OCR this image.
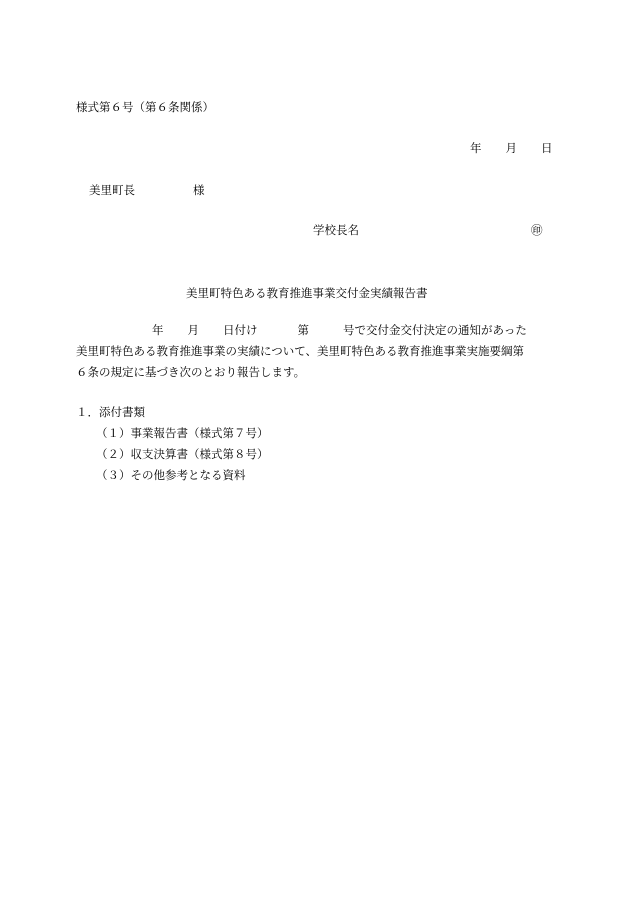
様式第６号（第６条関係）
年 月 日
美里町長	様
学校長名	㊞
美里町特色ある教育推進事業交付金実績報告書
年 月 日付け	第	号で交付金交付決定の通知があった
美里町特色ある教育推進事業の実績について、美里町特色ある教育推進事業実施要綱第
６条の規定に基づき次のとおり報告します。
１．添付書類
（１）事業報告書（様式第７号）
（２）収支決算書（様式第８号）
（３）その他参考となる資料
